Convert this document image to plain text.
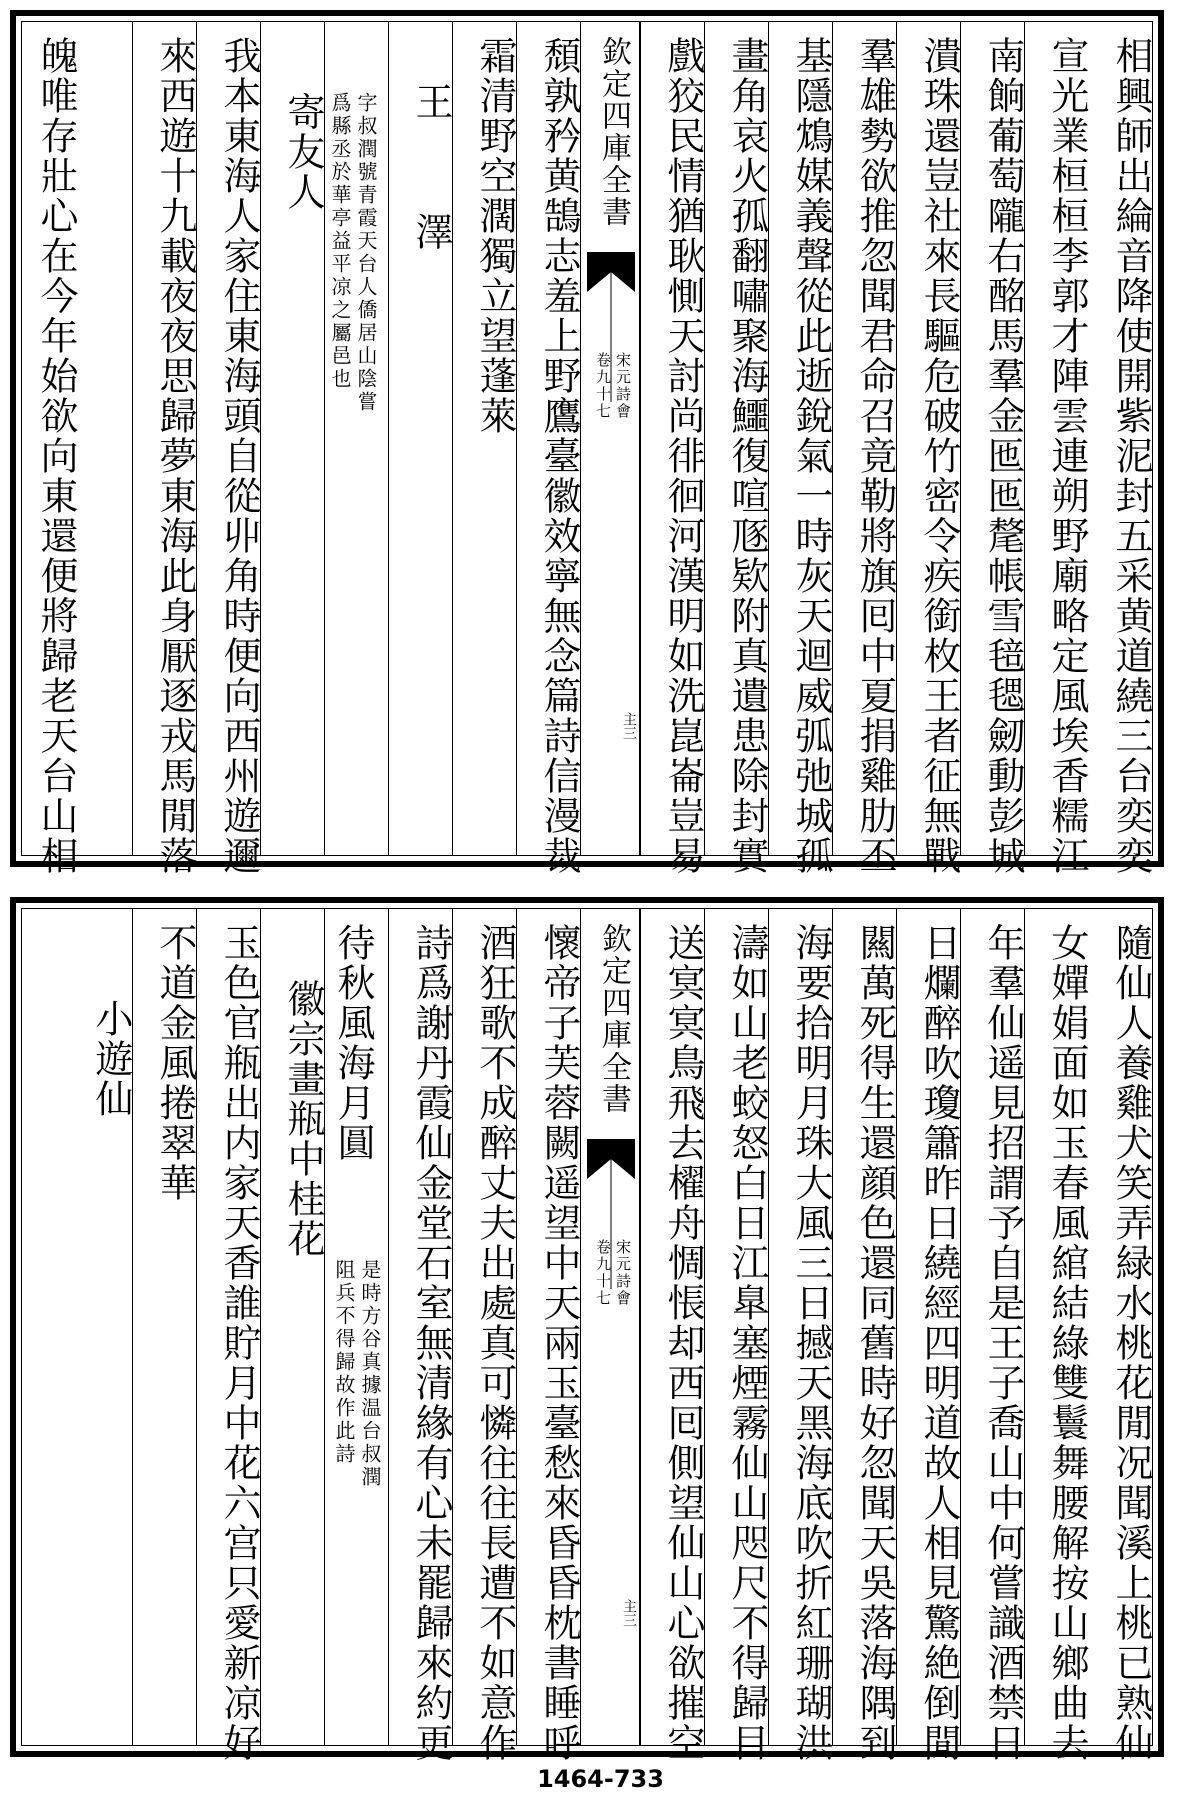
相興師出綸音降使開紫泥封五采黄道繞三台奕奕
宣光業桓桓李郭才陣雲連朔野廟略定風埃香糯江
南餉葡萄隴右酩馬羣金匜匜氂帳雪毰毸劒動彭城
潰珠還豈社來長驅危破竹密令疾銜枚王者征無戰
羣雄勢欲推忽聞君命召竟勒將旗囘中夏捐雞肋丕
基隱鴆媒義聲從此逝銳氣一時灰天迴威弧弛城孤
畫角哀火孤翻嘯聚海鱷復喧豗欵附真遺患除封實
戲狡民情猶耿惻天討尚徘徊河漢明如洗崑崙豈易
欽定四庫全書
宋元詩會
卷九十七
主三
頹孰矜黄鵠志羞上野鷹臺徽效寧無念篇詩信漫裁
霜清野空濶獨立望蓬萊
王 澤
字叔潤號青霞天台人僑居山陰嘗
爲縣丞於華亭益平凉之屬邑也
寄友人
我本東海人家住東海頭自從丱角時便向西州遊邇
來西遊十九載夜夜思歸夢東海此身厭逐戎馬閒落
魄唯存壯心在今年始欲向東還便將歸老天台山相
隨仙人養雞犬笑弄緑水桃花閒况聞溪上桃已熟仙
女嬋娟面如玉春風綰結綠雙鬟舞腰解按山鄉曲去
年羣仙遥見招謂予自是王子喬山中何嘗識酒禁日
日爛醉吹瓊簫昨日繞經四明道故人相見驚絶倒閒
闗萬死得生還顔色還同舊時好忽聞天吳落海隅到
海要拾明月珠大風三日撼天黑海底吹折紅珊瑚洪
濤如山老蛟怒白日江臯塞煙霧仙山咫尺不得歸目
送㝠㝠鳥飛去櫂舟惆悵却西囘側望仙山心欲摧空
欽定四庫全書
宋元詩會
卷九十七
主三
懷帝子芙蓉闕遥望中天兩玉臺愁來昏昏枕書睡呼
酒狂歌不成醉丈夫出處真可憐往往長遭不如意作
詩爲謝丹霞仙金堂石室無清緣有心未罷歸來約更
待秋風海月圓
是時方谷真據温台叔潤
阻兵不得歸故作此詩
徽宗畫瓶中桂花
玉色官瓶出内家天香誰貯月中花六宫只愛新凉好
不道金風捲翠華
小遊仙
1464-733
